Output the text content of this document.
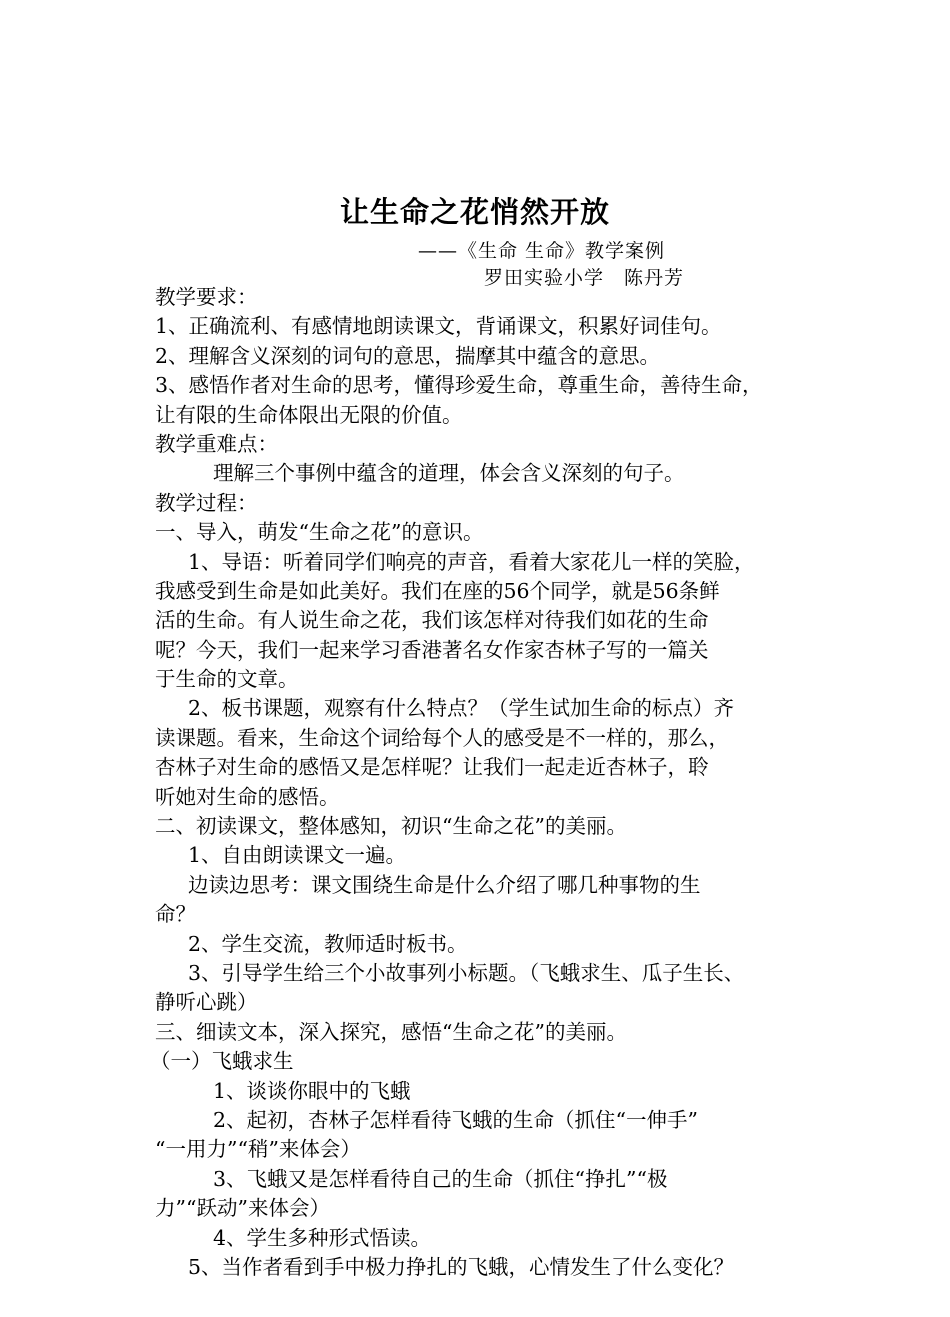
让生命之花悄然开放
——《生命 生命》教学案例
罗田实验小学　陈丹芳
教学要求：
1、正确流利、有感情地朗读课文，背诵课文，积累好词佳句。
2、理解含义深刻的词句的意思，揣摩其中蕴含的意思。
3、感悟作者对生命的思考，懂得珍爱生命，尊重生命，善待生命，
让有限的生命体限出无限的价值。
教学重难点：
理解三个事例中蕴含的道理，体会含义深刻的句子。
教学过程：
一、导入，萌发“生命之花”的意识。
1、导语：听着同学们响亮的声音，看着大家花儿一样的笑脸，
我感受到生命是如此美好。我们在座的56个同学，就是56条鲜
活的生命。有人说生命之花，我们该怎样对待我们如花的生命
呢？今天，我们一起来学习香港著名女作家杏林子写的一篇关
于生命的文章。
2、板书课题，观察有什么特点？（学生试加生命的标点）齐
读课题。看来，生命这个词给每个人的感受是不一样的，那么，
杏林子对生命的感悟又是怎样呢？让我们一起走近杏林子，聆
听她对生命的感悟。
二、初读课文，整体感知，初识“生命之花”的美丽。
1、自由朗读课文一遍。
边读边思考：课文围绕生命是什么介绍了哪几种事物的生
命？
2、学生交流，教师适时板书。
3、引导学生给三个小故事列小标题。（飞蛾求生、瓜子生长、
静听心跳）
三、细读文本，深入探究，感悟“生命之花”的美丽。
（一）飞蛾求生
1、谈谈你眼中的飞蛾
2、起初，杏林子怎样看待飞蛾的生命（抓住“一伸手”
“一用力”“稍”来体会）
3、飞蛾又是怎样看待自己的生命（抓住“挣扎”“极
力”“跃动”来体会）
4、学生多种形式悟读。
5、当作者看到手中极力挣扎的飞蛾，心情发生了什么变化？
